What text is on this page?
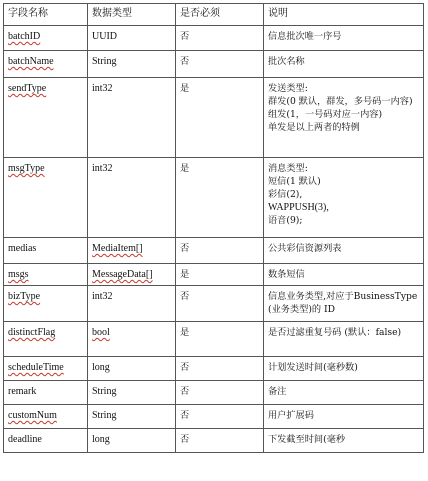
字段名称	数据类型	是否必须	说明

batchID	UUID	否	信息批次唯一序号

batchName	String	否	批次名称

sendType	int32	是	发送类型:
群发(0 默认，群发，多号码一内容)
组发(1，一号码对应一内容)
单发是以上两者的特例

msgType	int32	是	消息类型:
短信(1 默认)
彩信(2),
WAPPUSH(3),
语音(9);

medias	MediaItem[]	否	公共彩信资源列表

msgs	MessageData[]	是	数条短信

bizType	int32	否	信息业务类型,对应于BusinessType(业务类型)的 ID

distinctFlag	bool	是	是否过滤重复号码 (默认：false)

scheduleTime	long	否	计划发送时间(毫秒数)

remark	String	否	备注

customNum	String	否	用户扩展码

deadline	long	否	下发截至时间(毫秒
